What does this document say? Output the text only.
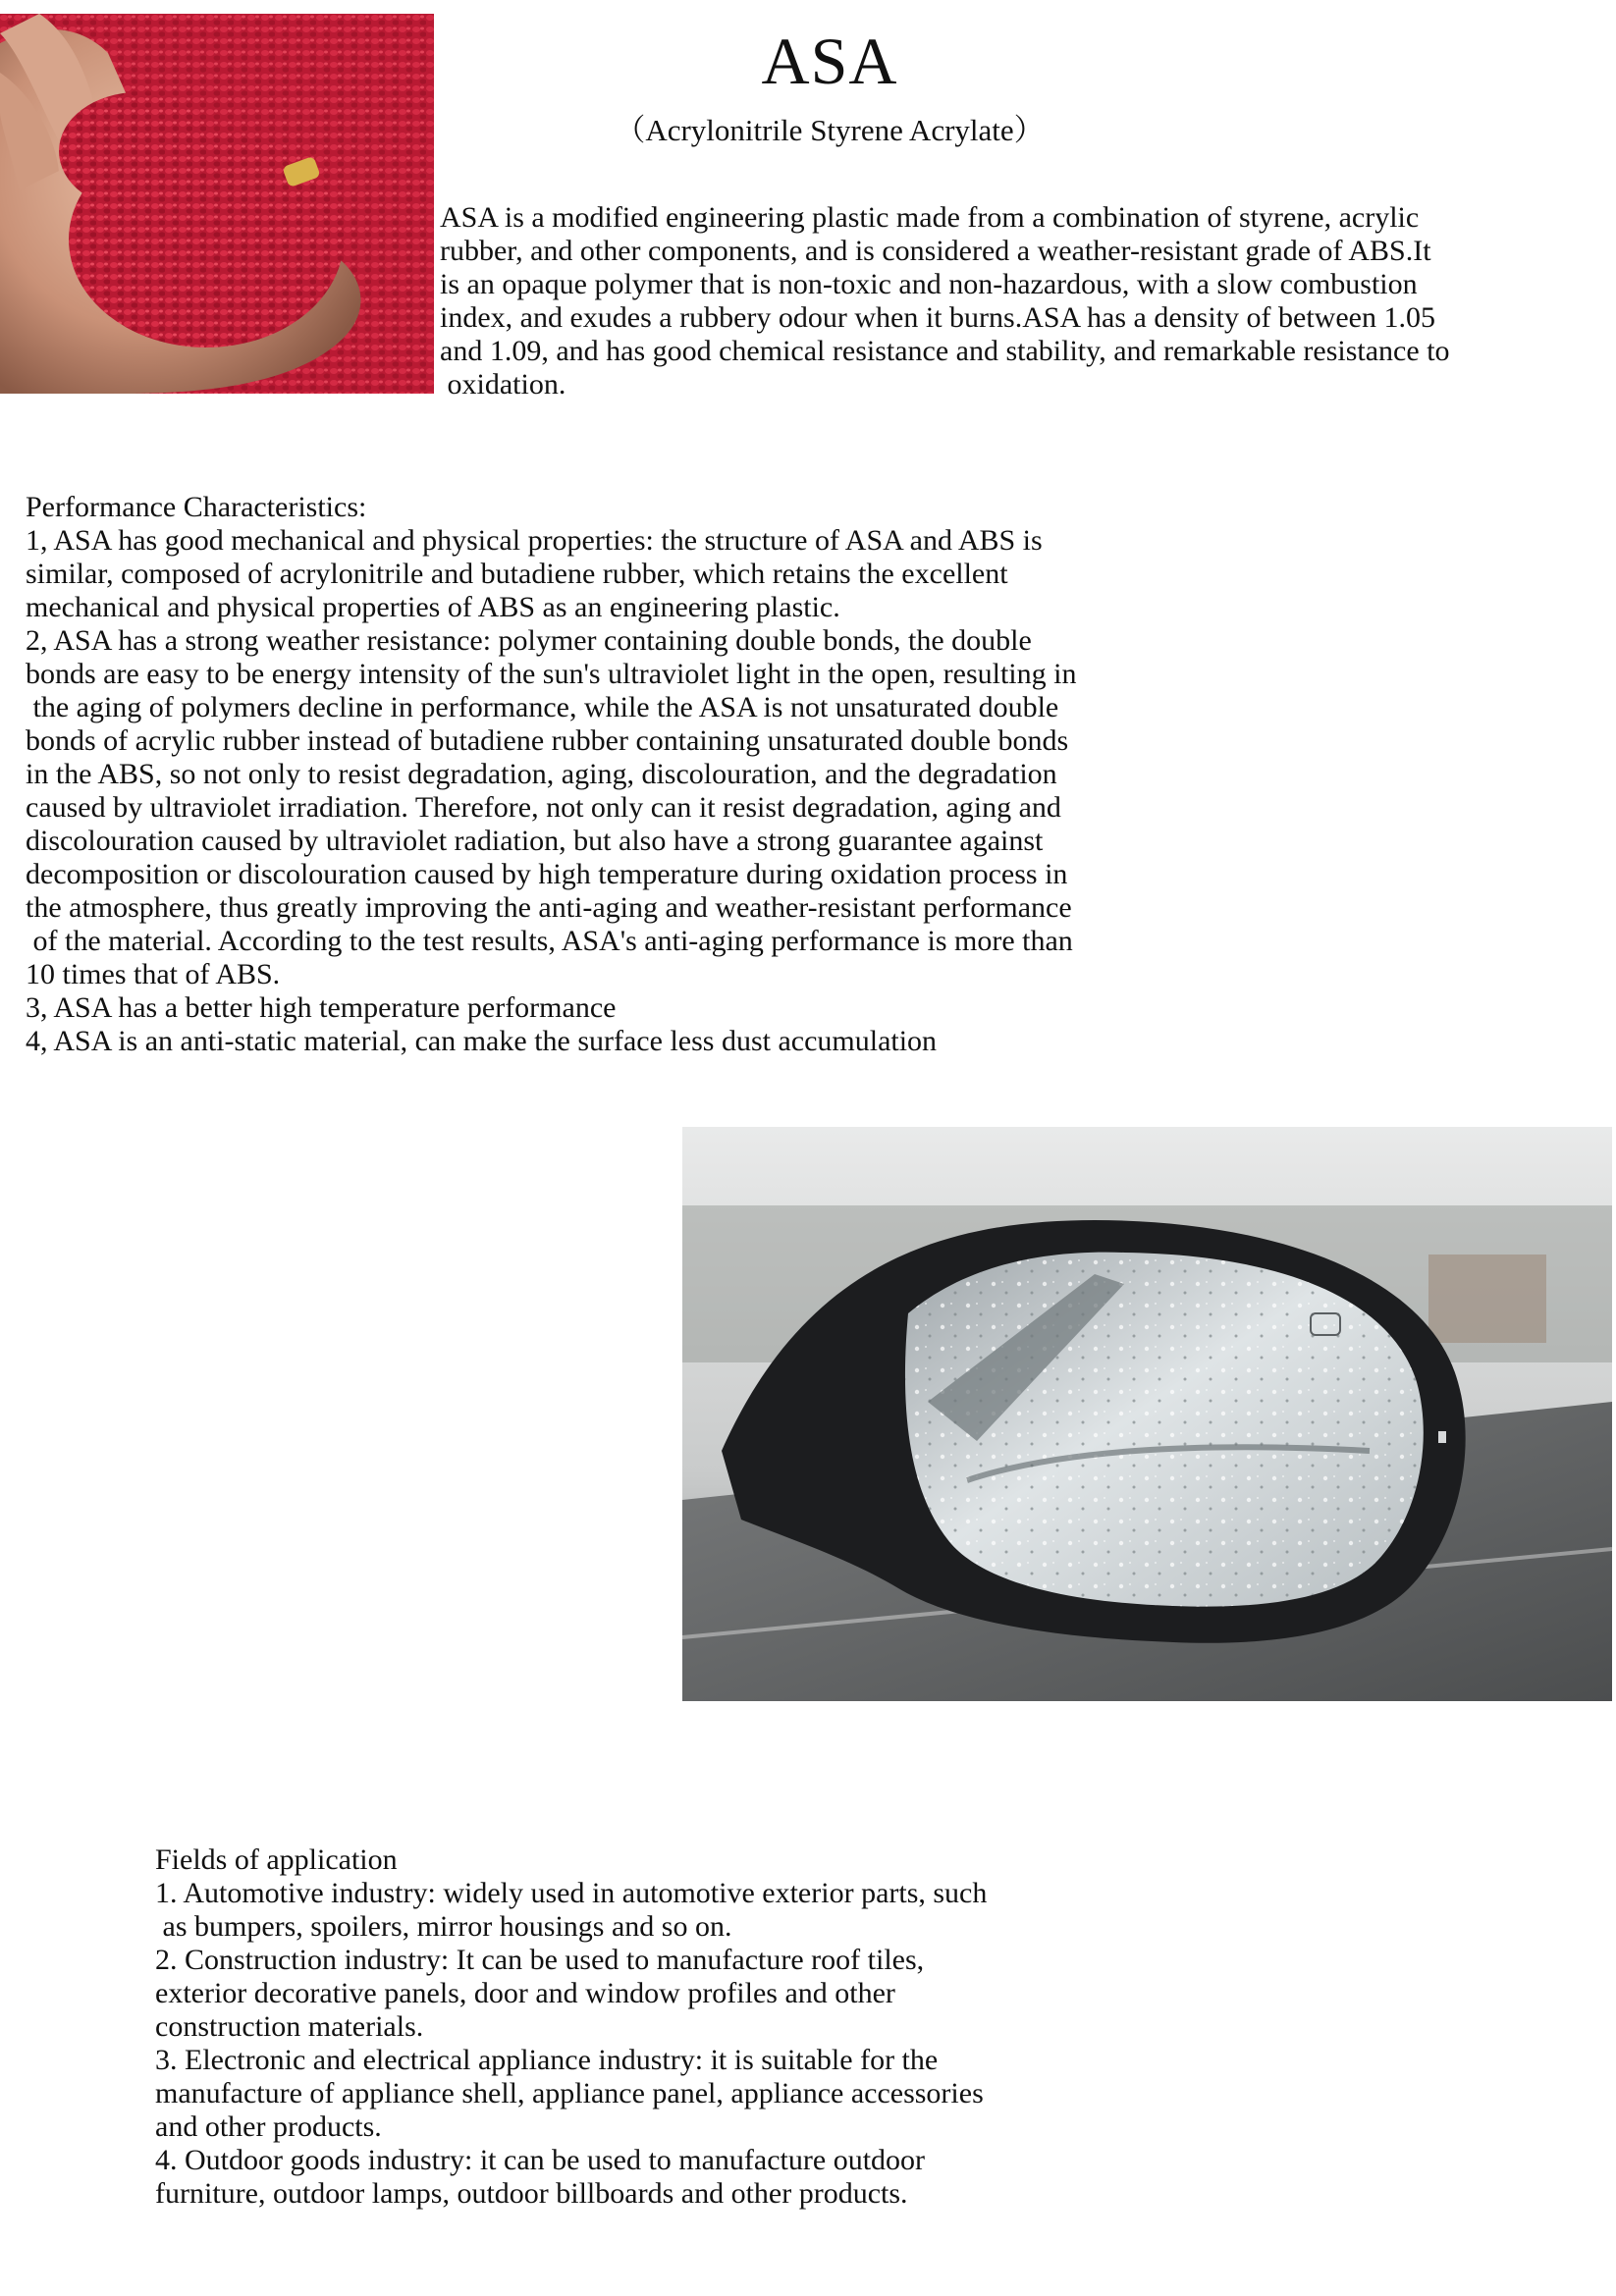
ASA
（Acrylonitrile Styrene Acrylate）
ASA is a modified engineering plastic made from a combination of styrene, acrylic
rubber, and other components, and is considered a weather-resistant grade of ABS.It
is an opaque polymer that is non-toxic and non-hazardous, with a slow combustion
index, and exudes a rubbery odour when it burns.ASA has a density of between 1.05
and 1.09, and has good chemical resistance and stability, and remarkable resistance to
oxidation.

Performance Characteristics:

1, ASA has good mechanical and physical properties: the structure of ASA and ABS is

similar, composed of acrylonitrile and butadiene rubber, which retains the excellent

mechanical and physical properties of ABS as an engineering plastic.

2, ASA has a strong weather resistance: polymer containing double bonds, the double

bonds are easy to be energy intensity of the sun's ultraviolet light in the open, resulting in

the aging of polymers decline in performance, while the ASA is not unsaturated double

bonds of acrylic rubber instead of butadiene rubber containing unsaturated double bonds

in the ABS, so not only to resist degradation, aging, discolouration, and the degradation

caused by ultraviolet irradiation. Therefore, not only can it resist degradation, aging and

discolouration caused by ultraviolet radiation, but also have a strong guarantee against

decomposition or discolouration caused by high temperature during oxidation process in

the atmosphere, thus greatly improving the anti-aging and weather-resistant performance

of the material. According to the test results, ASA's anti-aging performance is more than

10 times that of ABS.

3, ASA has a better high temperature performance

4, ASA is an anti-static material, can make the surface less dust accumulation

Fields of application

1. Automotive industry: widely used in automotive exterior parts, such

as bumpers, spoilers, mirror housings and so on.

2. Construction industry: It can be used to manufacture roof tiles,

exterior decorative panels, door and window profiles and other

construction materials.

3. Electronic and electrical appliance industry: it is suitable for the

manufacture of appliance shell, appliance panel, appliance accessories

and other products.

4. Outdoor goods industry: it can be used to manufacture outdoor

furniture, outdoor lamps, outdoor billboards and other products.
